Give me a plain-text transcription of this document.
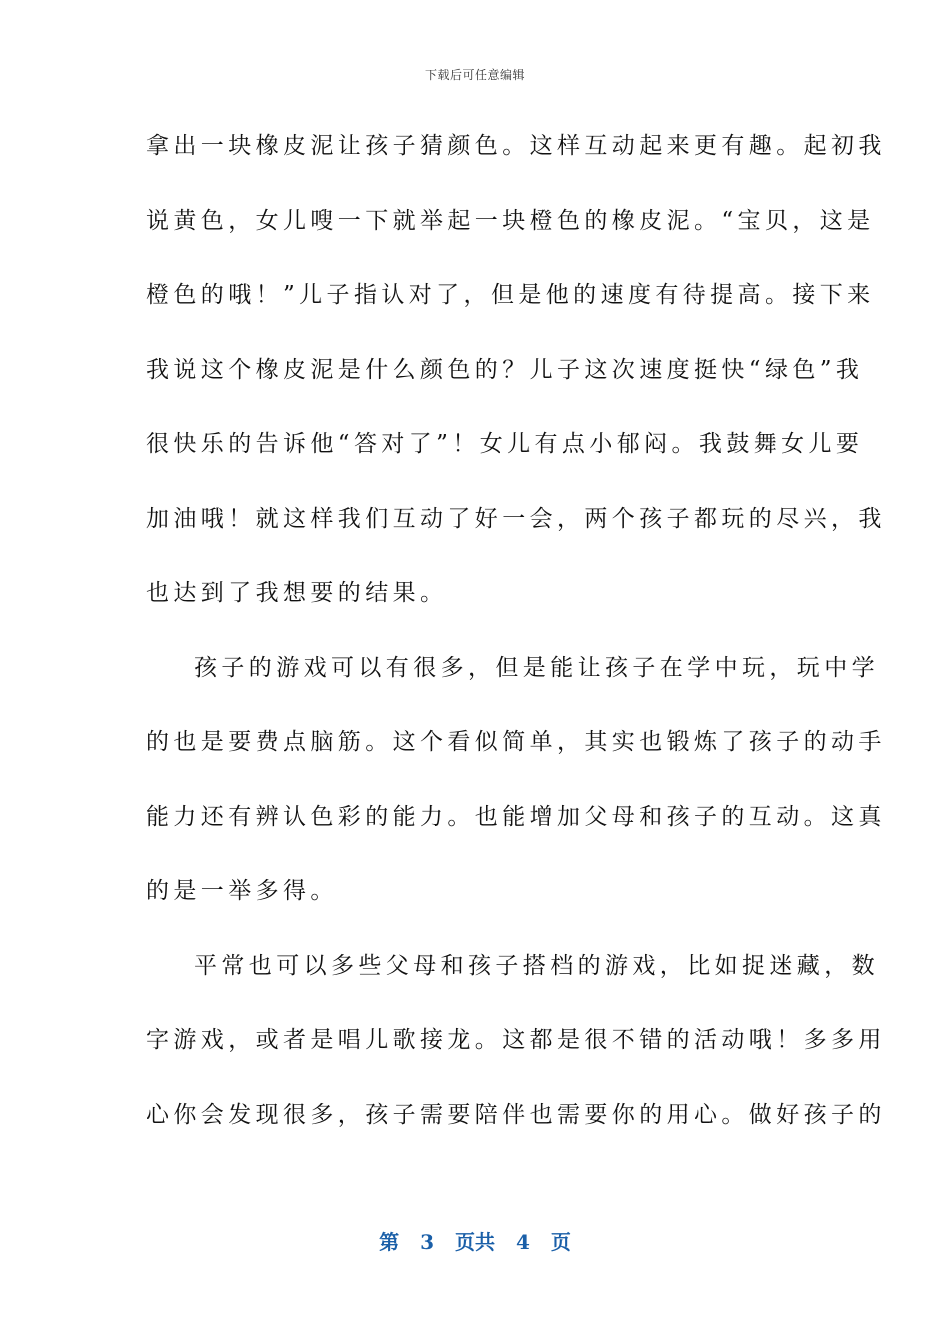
下载后可任意编辑
拿出一块橡皮泥让孩子猜颜色。这样互动起来更有趣。起初我
说黄色，女儿嗖一下就举起一块橙色的橡皮泥。“宝贝，这是
橙色的哦！”儿子指认对了，但是他的速度有待提高。接下来
我说这个橡皮泥是什么颜色的？儿子这次速度挺快“绿色”我
很快乐的告诉他“答对了”！女儿有点小郁闷。我鼓舞女儿要
加油哦！就这样我们互动了好一会，两个孩子都玩的尽兴，我
也达到了我想要的结果。
孩子的游戏可以有很多，但是能让孩子在学中玩，玩中学
的也是要费点脑筋。这个看似简单，其实也锻炼了孩子的动手
能力还有辨认色彩的能力。也能增加父母和孩子的互动。这真
的是一举多得。
平常也可以多些父母和孩子搭档的游戏，比如捉迷藏，数
字游戏，或者是唱儿歌接龙。这都是很不错的活动哦！多多用
心你会发现很多，孩子需要陪伴也需要你的用心。做好孩子的
第 3 页共 4 页
